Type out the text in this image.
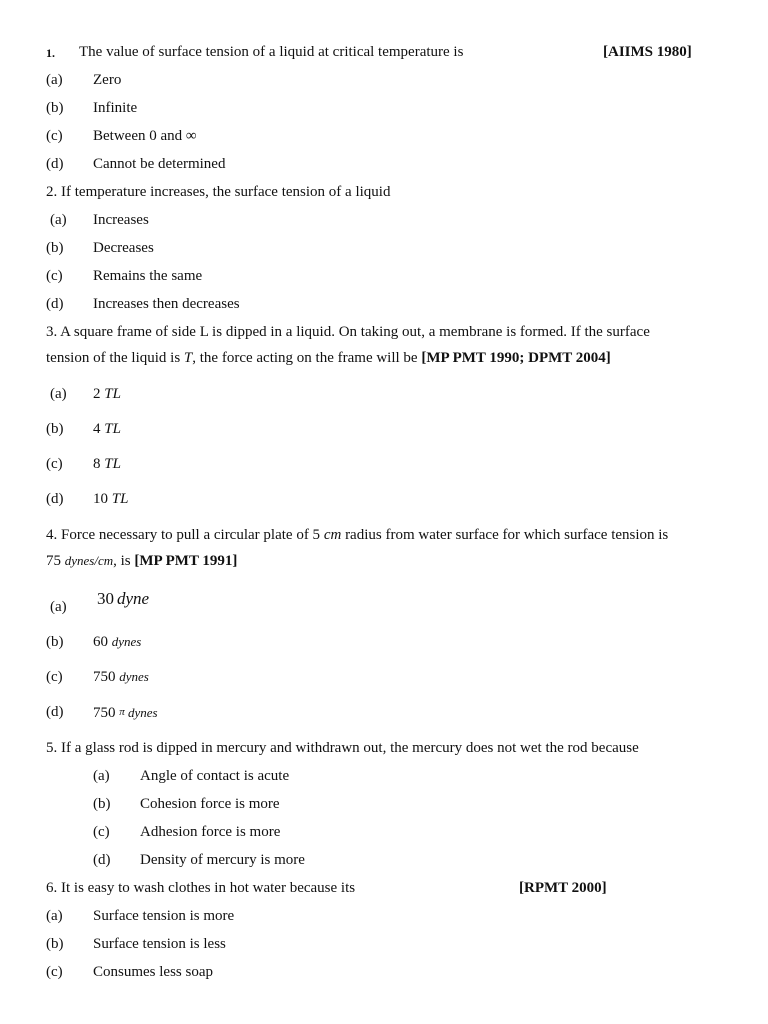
1. The value of surface tension of a liquid at critical temperature is	[AIIMS 1980]
(a) Zero
(b) Infinite
(c) Between 0 and ∞
(d) Cannot be determined
2. If temperature increases, the surface tension of a liquid
(a) Increases
(b) Decreases
(c) Remains the same
(d) Increases then decreases
3. A square frame of side L is dipped in a liquid. On taking out, a membrane is formed. If the surface
tension of the liquid is T, the force acting on the frame will be [MP PMT 1990; DPMT 2004]
(a) 2 TL
(b) 4 TL
(c) 8 TL
(d) 10 TL
4. Force necessary to pull a circular plate of 5 cm radius from water surface for which surface tension is
75 dynes/cm, is [MP PMT 1991]
(a) 30 dyne
(b) 60 dynes
(c) 750 dynes
(d) 750 π dynes
5. If a glass rod is dipped in mercury and withdrawn out, the mercury does not wet the rod because
(a) Angle of contact is acute
(b) Cohesion force is more
(c) Adhesion force is more
(d) Density of mercury is more
6. It is easy to wash clothes in hot water because its	[RPMT 2000]
(a) Surface tension is more
(b) Surface tension is less
(c) Consumes less soap
